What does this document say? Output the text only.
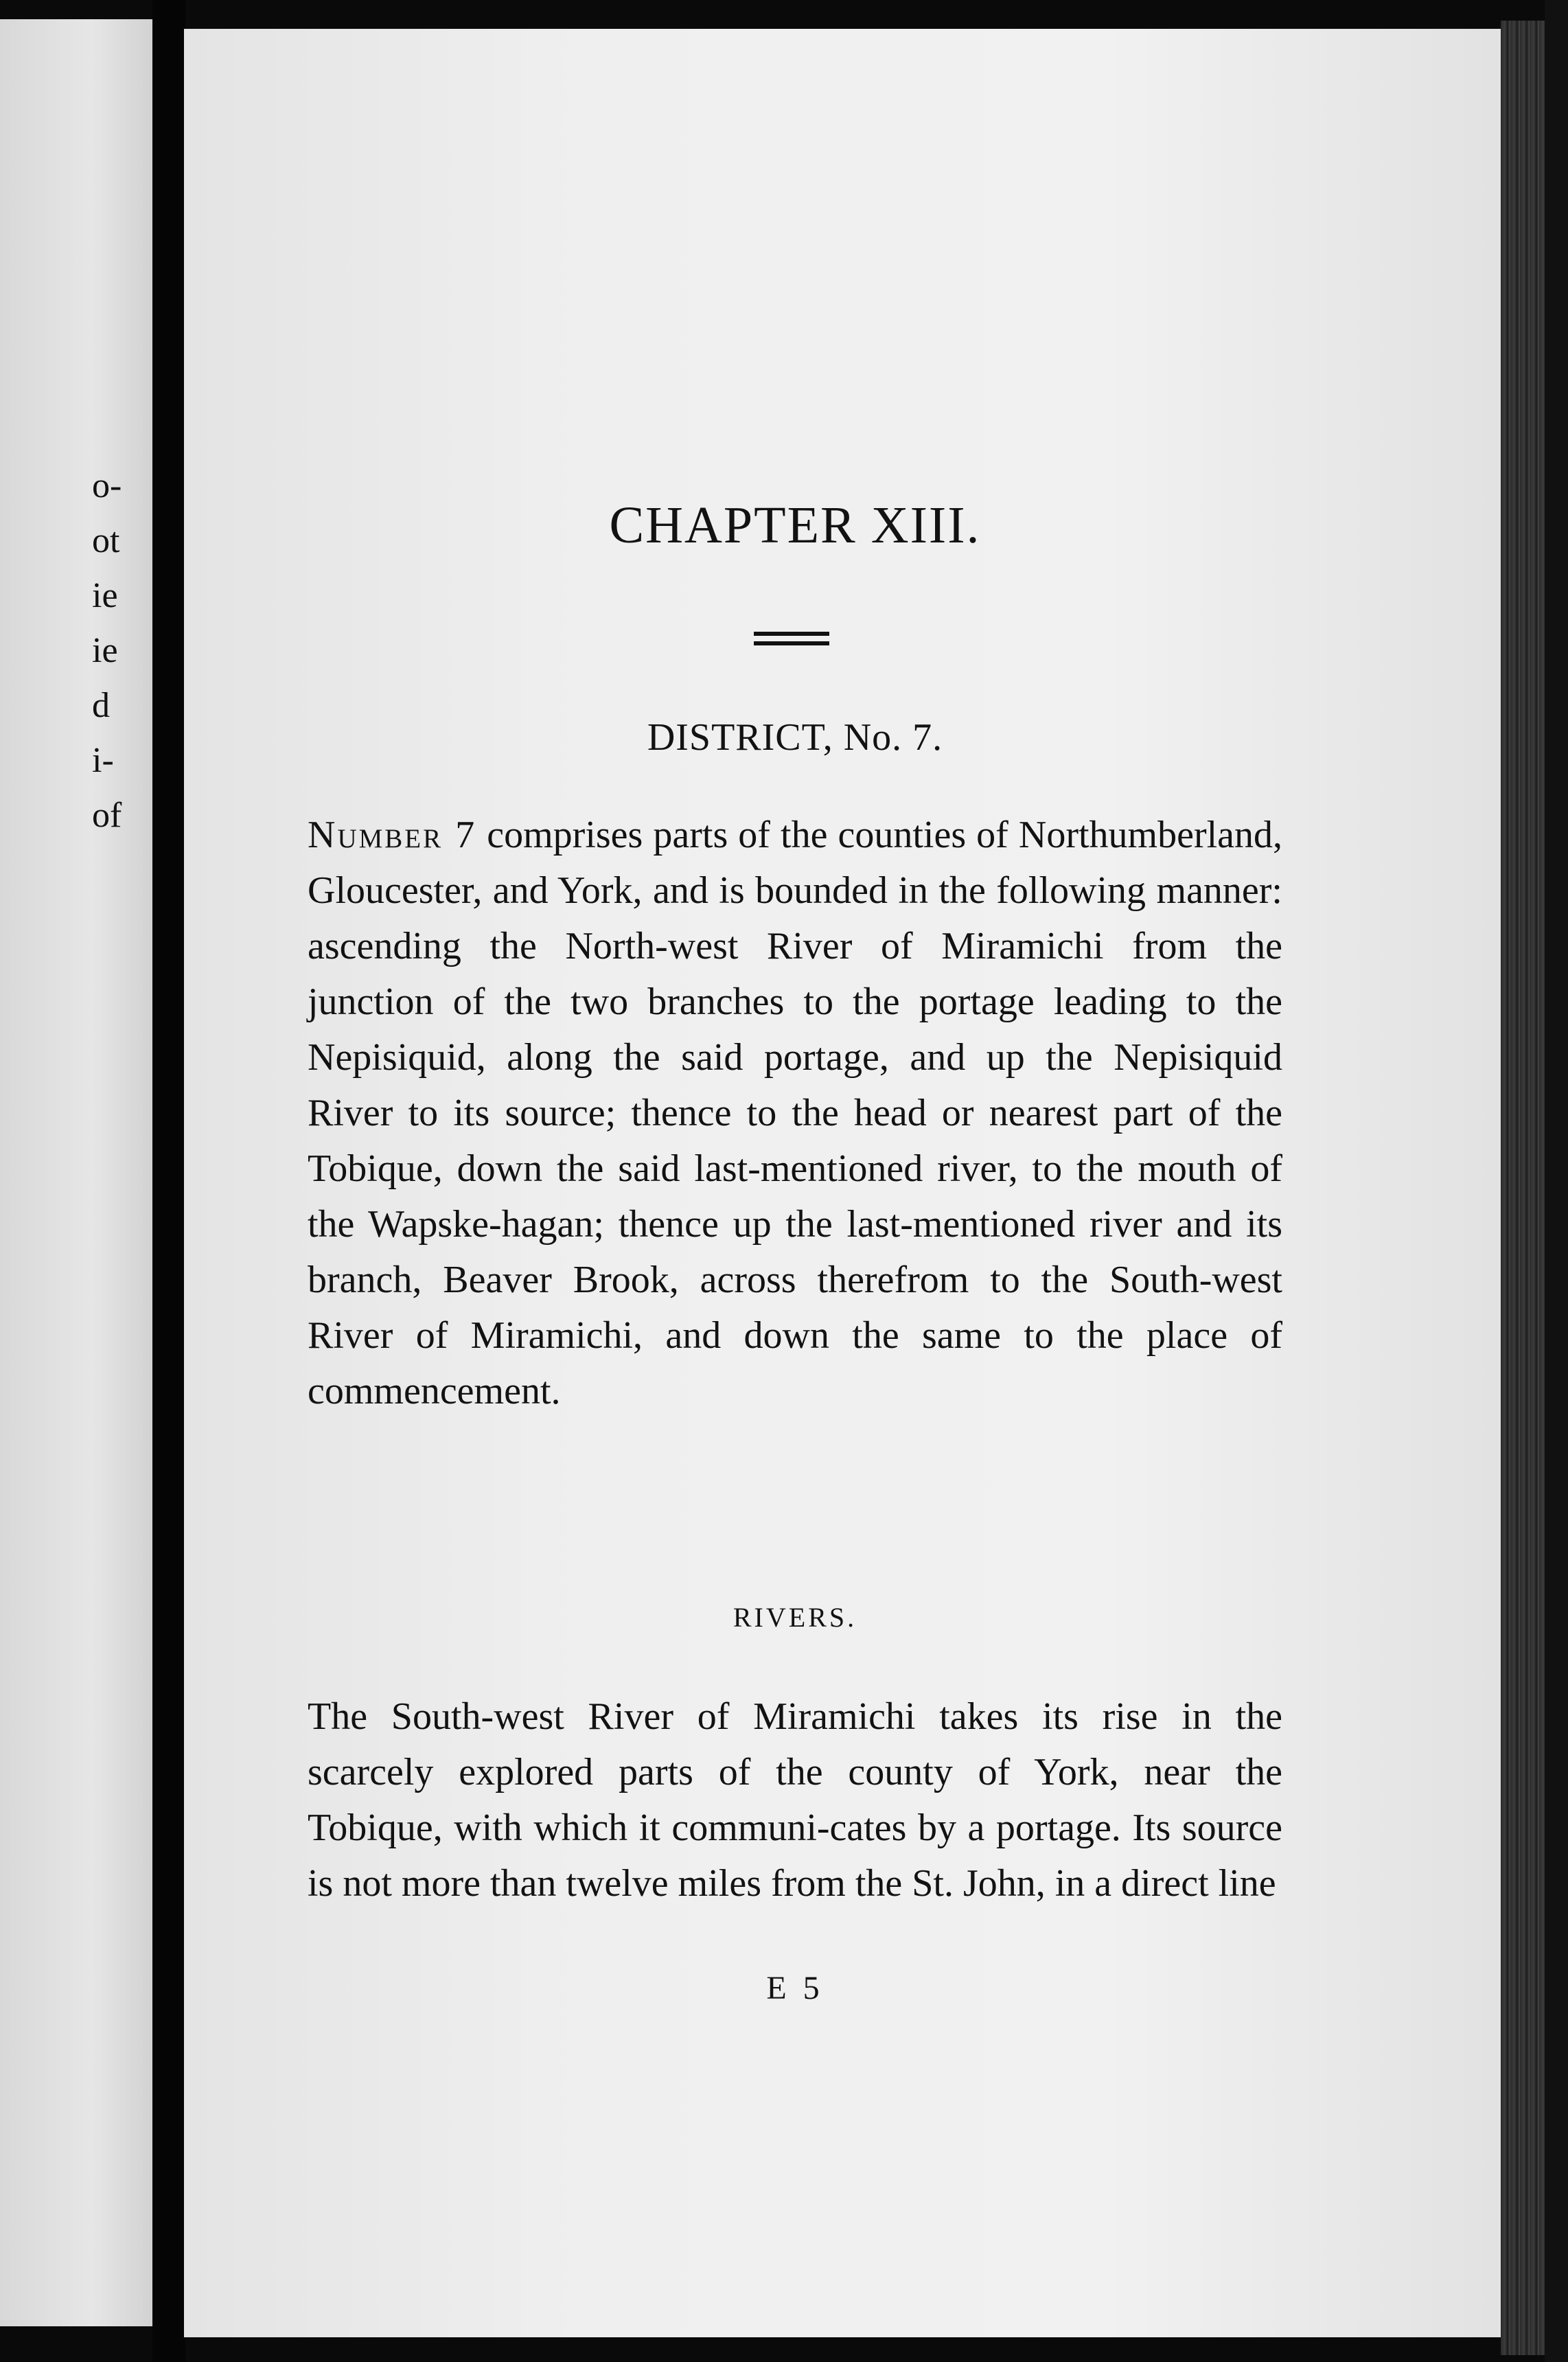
o-
ot
ie
ie
d
i-
of
CHAPTER XIII.
DISTRICT, No. 7.

Number 7 comprises parts of the counties of Northumberland, Gloucester, and York, and is bounded in the following manner: ascending the North-west River of Miramichi from the junction of the two branches to the portage leading to the Nepisiquid, along the said portage, and up the Nepisiquid River to its source; thence to the head or nearest part of the Tobique, down the said last-mentioned river, to the mouth of the Wapske-hagan; thence up the last-mentioned river and its branch, Beaver Brook, across therefrom to the South-west River of Miramichi, and down the same to the place of commencement.

RIVERS.

The South-west River of Miramichi takes its rise in the scarcely explored parts of the county of York, near the Tobique, with which it communi-cates by a portage. Its source is not more than twelve miles from the St. John, in a direct line

E 5
